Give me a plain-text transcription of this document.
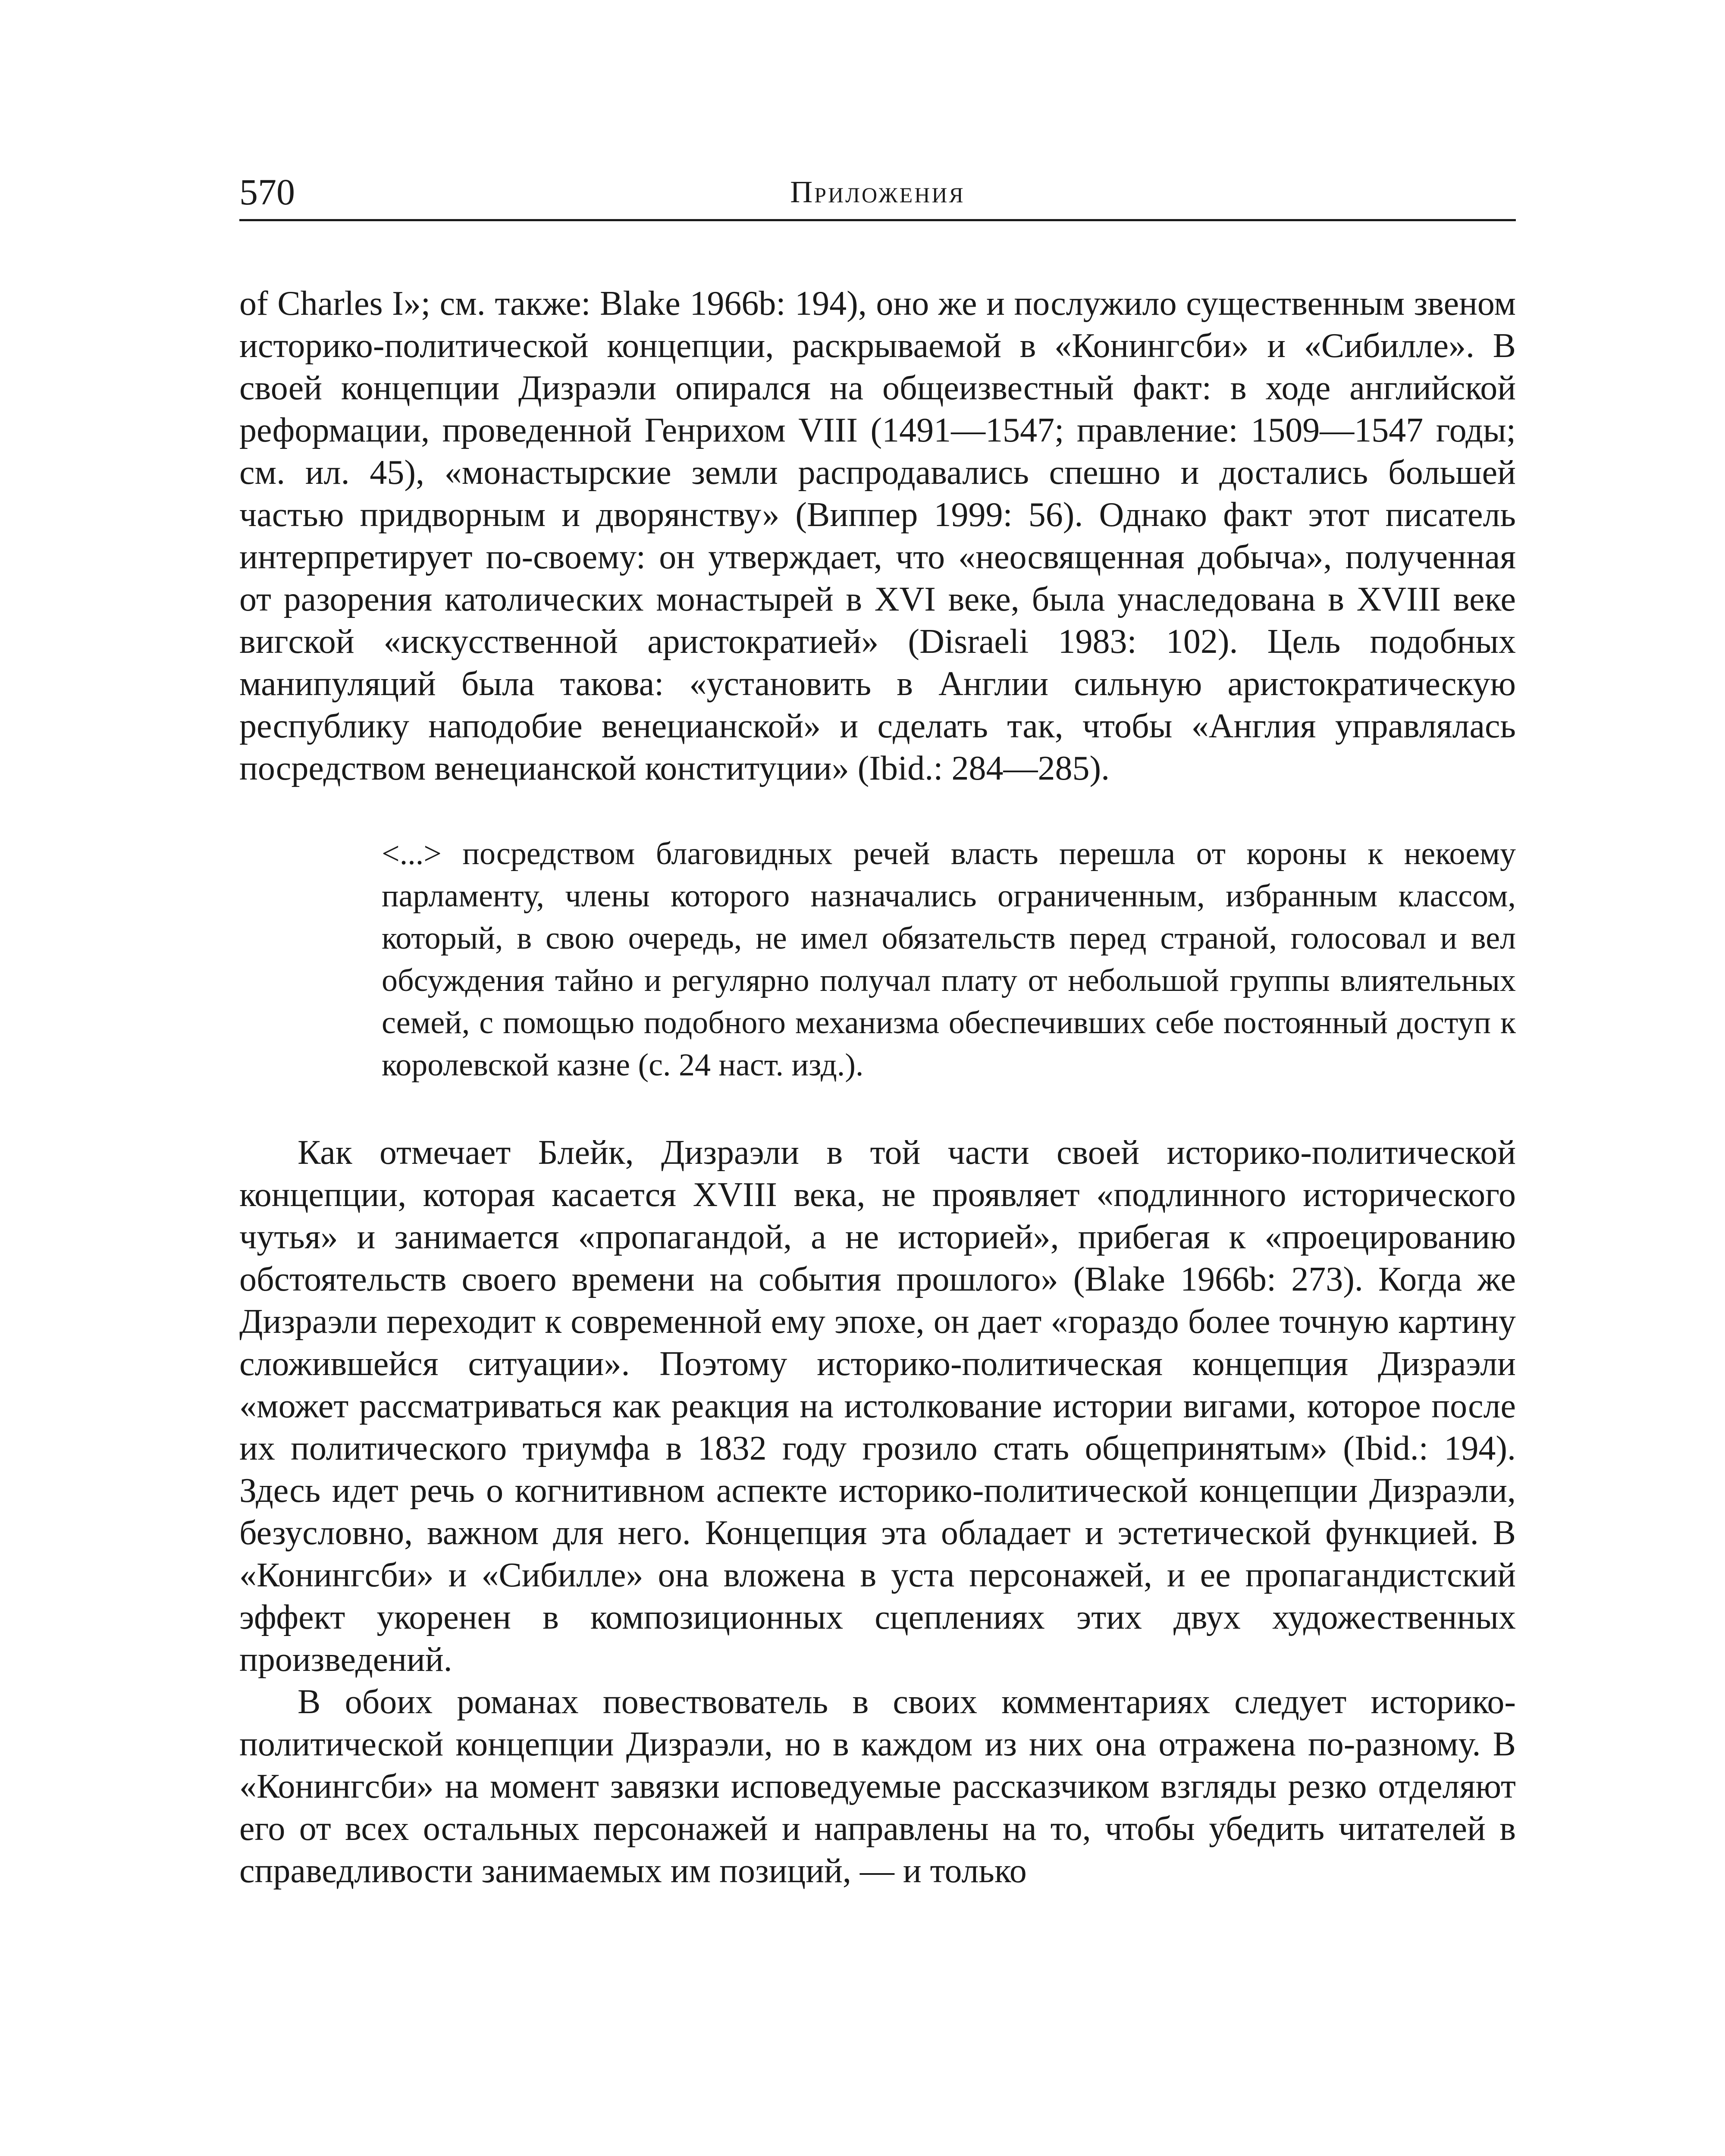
570	Приложения

of Charles I»; см. также: Blake 1966b: 194), оно же и послужило существенным звеном историко-политической концепции, раскрываемой в «Конингсби» и «Сибилле». В своей концепции Дизраэли опирался на общеизвестный факт: в ходе английской реформации, проведенной Генрихом VIII (1491—1547; правление: 1509—1547 годы; см. ил. 45), «монастырские земли распродавались спешно и достались большей частью придворным и дворянству» (Виппер 1999: 56). Однако факт этот писатель интерпретирует по-своему: он утверждает, что «неосвященная добыча», полученная от разорения католических монастырей в XVI веке, была унаследована в XVIII веке вигской «искусственной аристократией» (Disraeli 1983: 102). Цель подобных манипуляций была такова: «установить в Англии сильную аристократическую республику наподобие венецианской» и сделать так, чтобы «Англия управлялась посредством венецианской конституции» (Ibid.: 284—285).

<...> посредством благовидных речей власть перешла от короны к некоему парламенту, члены которого назначались ограниченным, избранным классом, который, в свою очередь, не имел обязательств перед страной, голосовал и вел обсуждения тайно и регулярно получал плату от небольшой группы влиятельных семей, с помощью подобного механизма обеспечивших себе постоянный доступ к королевской казне (с. 24 наст. изд.).

Как отмечает Блейк, Дизраэли в той части своей историко-политической концепции, которая касается XVIII века, не проявляет «подлинного исторического чутья» и занимается «пропагандой, а не историей», прибегая к «проецированию обстоятельств своего времени на события прошлого» (Blake 1966b: 273). Когда же Дизраэли переходит к современной ему эпохе, он дает «гораздо более точную картину сложившейся ситуации». Поэтому историко-политическая концепция Дизраэли «может рассматриваться как реакция на истолкование истории вигами, которое после их политического триумфа в 1832 году грозило стать общепринятым» (Ibid.: 194). Здесь идет речь о когнитивном аспекте историко-политической концепции Дизраэли, безусловно, важном для него. Концепция эта обладает и эстетической функцией. В «Конингсби» и «Сибилле» она вложена в уста персонажей, и ее пропагандистский эффект укоренен в композиционных сцеплениях этих двух художественных произведений.

В обоих романах повествователь в своих комментариях следует историко-политической концепции Дизраэли, но в каждом из них она отражена по-разному. В «Конингсби» на момент завязки исповедуемые рассказчиком взгляды резко отделяют его от всех остальных персонажей и направлены на то, чтобы убедить читателей в справедливости занимаемых им позиций, — и только
